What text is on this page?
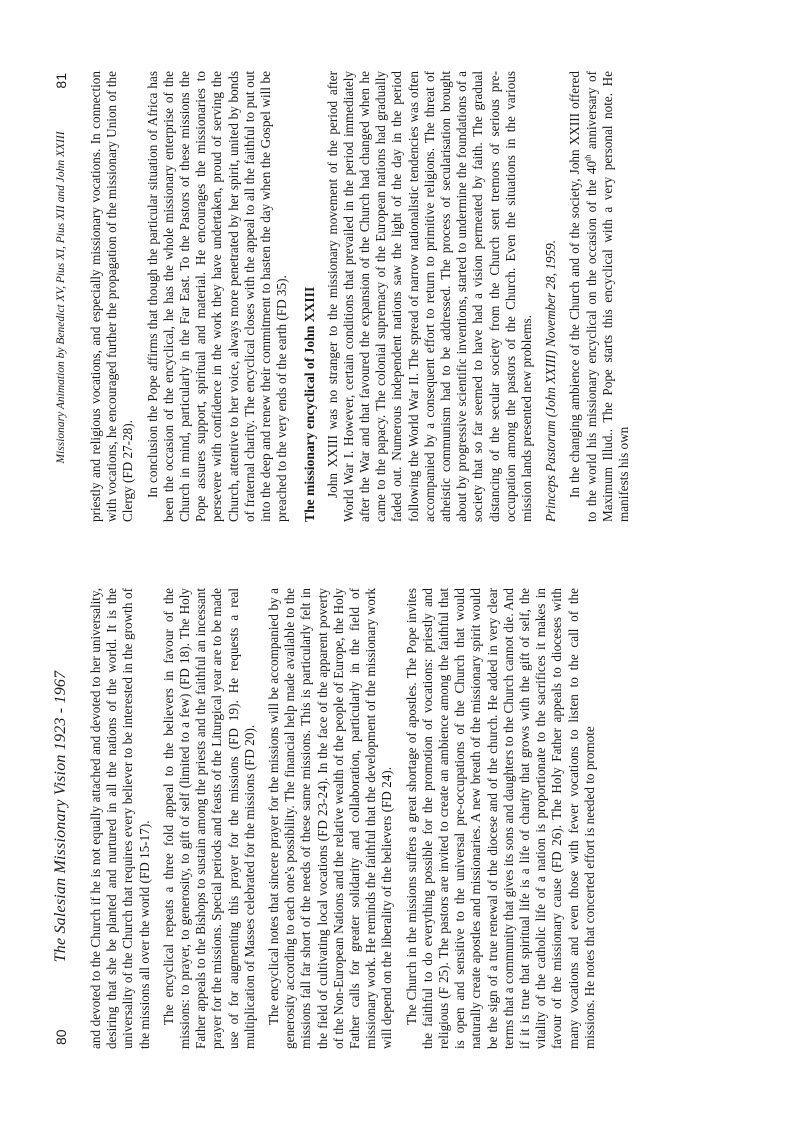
80
The Salesian Missionary Vision 1923 - 1967 and devoted to the Church if he is not equally attached and devoted to her universality, desiring that she be planted and nurtured in all the nations of the world. It is the universality of the Church that requires every believer to be interested in the growth of the missions all over the world (FD 15-17). The encyclical repeats a three fold appeal to the believers in favour of the missions: to prayer, to generosity, to gift of self (limited to a few) (FD 18). The Holy Father appeals to the Bishops to sustain among the priests and the faithful an incessant prayer for the missions. Special periods and feasts of the Liturgical year are to be made use of for augmenting this prayer for the missions (FD 19). He requests a real multiplication of Masses celebrated for the missions (FD 20). The encyclical notes that sincere prayer for the missions will be accompanied by a generosity according to each one's possibility. The financial help made available to the missions fall far short of the needs of these same missions. This is particularly felt in the field of cultivating local vocations (FD 23-24). In the face of the apparent poverty of the Non-European Nations and the relative wealth of the people of Europe, the Holy Father calls for greater solidarity and collaboration, particularly in the field of missionary work. He reminds the faithful that the development of the missionary work will depend on the liberality of the believers (FD 24). The Church in the missions suffers a great shortage of apostles. The Pope invites the faithful to do everything possible for the promotion of vocations: priestly and religious (F 25). The pastors are invited to create an ambience among the faithful that is open and sensitive to the universal pre-occupations of the Church that would naturally create apostles and missionaries. A new breath of the missionary spirit would be the sign of a true renewal of the diocese and of the church. He added in very clear terms that a community that gives its sons and daughters to the Church cannot die. And if it is true that spiritual life is a life of charity that grows with the gift of self, the vitality of the catholic life of a nation is proportionate to the sacrifices it makes in favour of the missionary cause (FD 26). The Holy Father appeals to dioceses with many vocations and even those with fewer vocations to listen to the call of the missions. He notes that concerted effort is needed to promote

Missionary Animation by Benedict XV, Pius XI, Pius XII and John XXIII
81 priestly and religious vocations, and especially missionary vocations. In connection with vocations, he encouraged further the propagation of the missionary Union of the Clergy (FD 27-28). In conclusion the Pope affirms that though the particular situation of Africa has been the occasion of the encyclical, he has the whole missionary enterprise of the Church in mind, particularly in the Far East. To the Pastors of these missions the Pope assures support, spiritual and material. He encourages the missionaries to persevere with confidence in the work they have undertaken, proud of serving the Church, attentive to her voice, always more penetrated by her spirit, united by bonds of fraternal charity. The encyclical closes with the appeal to all the faithful to put out into the deep and renew their commitment to hasten the day when the Gospel will be preached to the very ends of the earth (FD 35). The missionary encyclical of John XXIII John XXIII was no stranger to the missionary movement of the period after World War I. However, certain conditions that prevailed in the period immediately after the War and that favoured the expansion of the Church had changed when he came to the papacy. The colonial supremacy of the European nations had gradually faded out. Numerous independent nations saw the light of the day in the period following the World War II. The spread of narrow nationalistic tendencies was often accompanied by a consequent effort to return to primitive religions. The threat of atheistic communism had to be addressed. The process of secularisation brought about by progressive scientific inventions, started to undermine the foundations of a society that so far seemed to have had a vision permeated by faith. The gradual distancing of the secular society from the Church sent tremors of serious pre-occupation among the pastors of the Church. Even the situations in the various mission lands presented new problems. Princeps Pastorum (John XXIII) November 28, 1959. In the changing ambience of the Church and of the society, John XXIII offered to the world his missionary encyclical on the occasion of the 40th anniversary of Maximum Illud.. The Pope starts this encyclical with a very personal note. He manifests his own
